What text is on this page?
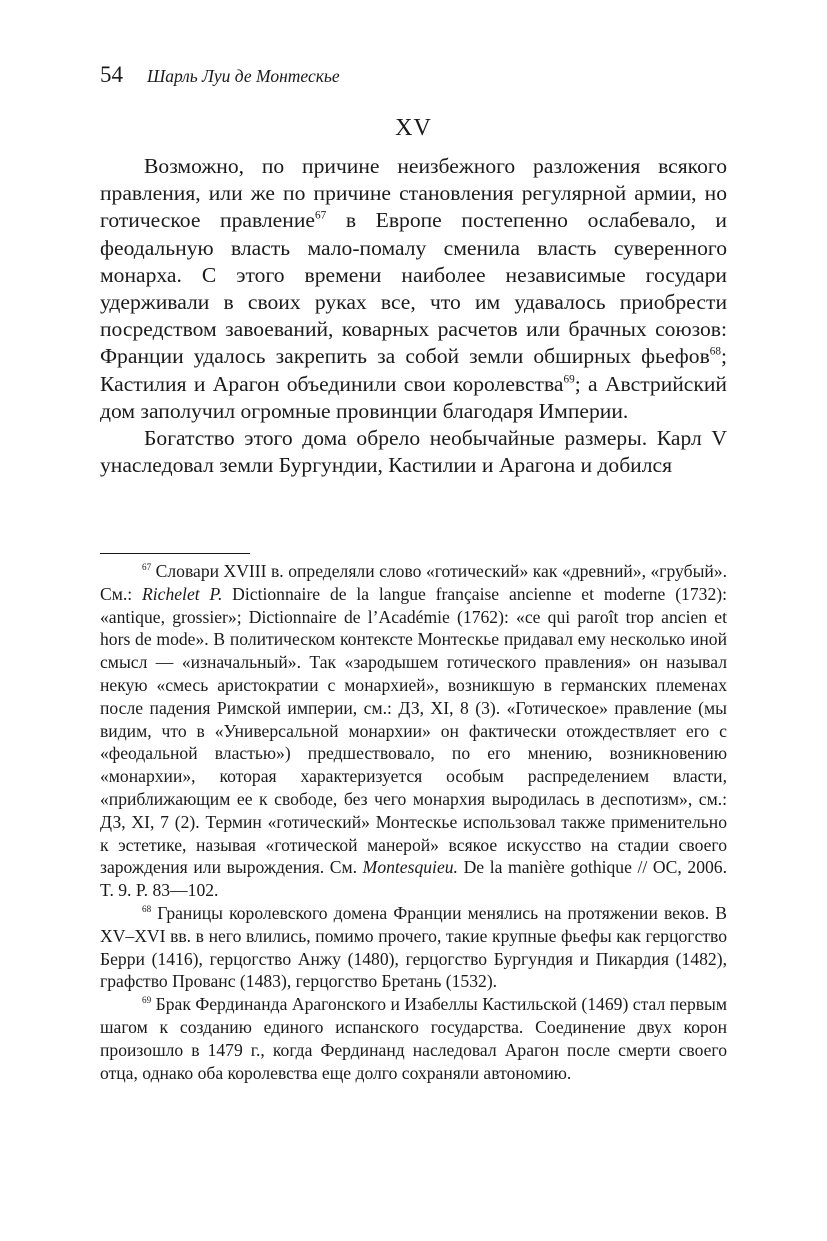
54 Шарль Луи де Монтескье
XV

Возможно, по причине неизбежного разложения всякого правления, или же по причине становления регулярной армии, но готическое правление$^{67}$ в Европе постепенно ослабевало, и феодальную власть мало-помалу сменила власть суверенного монарха. С этого времени наиболее независимые государи удерживали в своих руках все, что им удавалось приобрести посредством завоеваний, коварных расчетов или брачных союзов: Франции удалось закрепить за собой земли обширных фьефов$^{68}$; Кастилия и Арагон объединили свои королевства$^{69}$; а Австрийский дом заполучил огромные провинции благодаря Империи.

Богатство этого дома обрело необычайные размеры. Карл V унаследовал земли Бургундии, Кастилии и Арагона и добился

$^{67}$ Словари XVIII в. определяли слово «готический» как «древний», «грубый». См.: Richelet P. Dictionnaire de la langue française ancienne et moderne (1732): «antique, grossier»; Dictionnaire de l’Académie (1762): «ce qui paroît trop ancien et hors de mode». В политическом контексте Монтескье придавал ему несколько иной смысл — «изначальный». Так «зародышем готического правления» он называл некую «смесь аристократии с монархией», возникшую в германских племенах после падения Римской империи, см.: ДЗ, XI, 8 (3). «Готическое» правление (мы видим, что в «Универсальной монархии» он фактически отождествляет его с «феодальной властью») предшествовало, по его мнению, возникновению «монархии», которая характеризуется особым распределением власти, «приближающим ее к свободе, без чего монархия выродилась в деспотизм», см.: ДЗ, XI, 7 (2). Термин «готический» Монтескье использовал также применительно к эстетике, называя «готической манерой» всякое искусство на стадии своего зарождения или вырождения. См. Montesquieu. De la manière gothique // OC, 2006. T. 9. P. 83—102.

$^{68}$ Границы королевского домена Франции менялись на протяжении веков. В XV–XVI вв. в него влились, помимо прочего, такие крупные фьефы как герцогство Берри (1416), герцогство Анжу (1480), герцогство Бургундия и Пикардия (1482), графство Прованс (1483), герцогство Бретань (1532).

$^{69}$ Брак Фердинанда Арагонского и Изабеллы Кастильской (1469) стал первым шагом к созданию единого испанского государства. Соединение двух корон произошло в 1479 г., когда Фердинанд наследовал Арагон после смерти своего отца, однако оба королевства еще долго сохраняли автономию.
